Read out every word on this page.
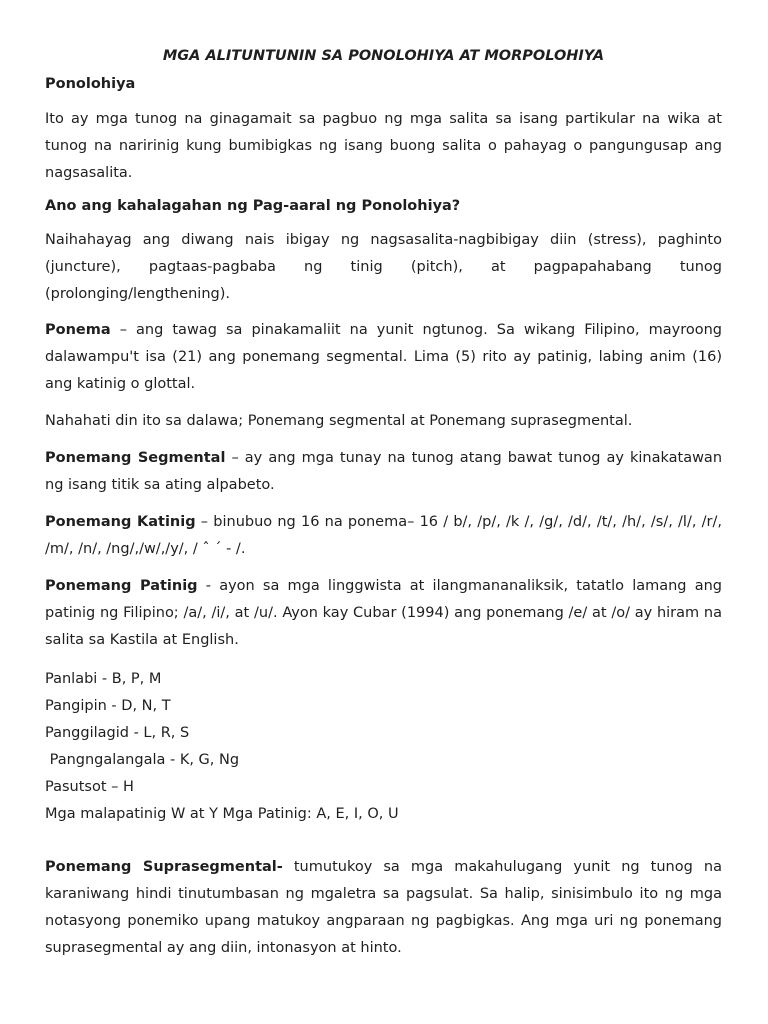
MGA ALITUNTUNIN SA PONOLOHIYA AT MORPOLOHIYA
Ponolohiya

Ito ay mga tunog na ginagamait sa pagbuo ng mga salita sa isang partikular na wika at tunog na naririnig kung bumibigkas ng isang buong salita o pahayag o pangungusap ang nagsasalita.

Ano ang kahalagahan ng Pag-aaral ng Ponolohiya?

Naihahayag ang diwang nais ibigay ng nagsasalita-nagbibigay diin (stress), paghinto (juncture), pagtaas-pagbaba ng tinig (pitch), at pagpapahabang tunog (prolonging/lengthening).

Ponema – ang tawag sa pinakamaliit na yunit ngtunog. Sa wikang Filipino, mayroong dalawampu't isa (21) ang ponemang segmental. Lima (5) rito ay patinig, labing anim (16) ang katinig o glottal.

Nahahati din ito sa dalawa; Ponemang segmental at Ponemang suprasegmental.

Ponemang Segmental – ay ang mga tunay na tunog atang bawat tunog ay kinakatawan ng isang titik sa ating alpabeto.

Ponemang Katinig – binubuo ng 16 na ponema– 16 / b/, /p/, /k /, /g/, /d/, /t/, /h/, /s/, /l/, /r/, /m/, /n/, /ng/,/w/,/y/, / ˆ ´ - /.

Ponemang Patinig - ayon sa mga linggwista at ilangmananaliksik, tatatlo lamang ang patinig ng Filipino; /a/, /i/, at /u/. Ayon kay Cubar (1994) ang ponemang /e/ at /o/ ay hiram na salita sa Kastila at English.

Panlabi - B, P, M
Pangipin - D, N, T
Panggilagid - L, R, S
Pangngalangala - K, G, Ng
Pasutsot – H
Mga malapatinig W at Y Mga Patinig: A, E, I, O, U

Ponemang Suprasegmental- tumutukoy sa mga makahulugang yunit ng tunog na karaniwang hindi tinutumbasan ng mgaletra sa pagsulat. Sa halip, sinisimbulo ito ng mga notasyong ponemiko upang matukoy angparaan ng pagbigkas. Ang mga uri ng ponemang suprasegmental ay ang diin, intonasyon at hinto.
